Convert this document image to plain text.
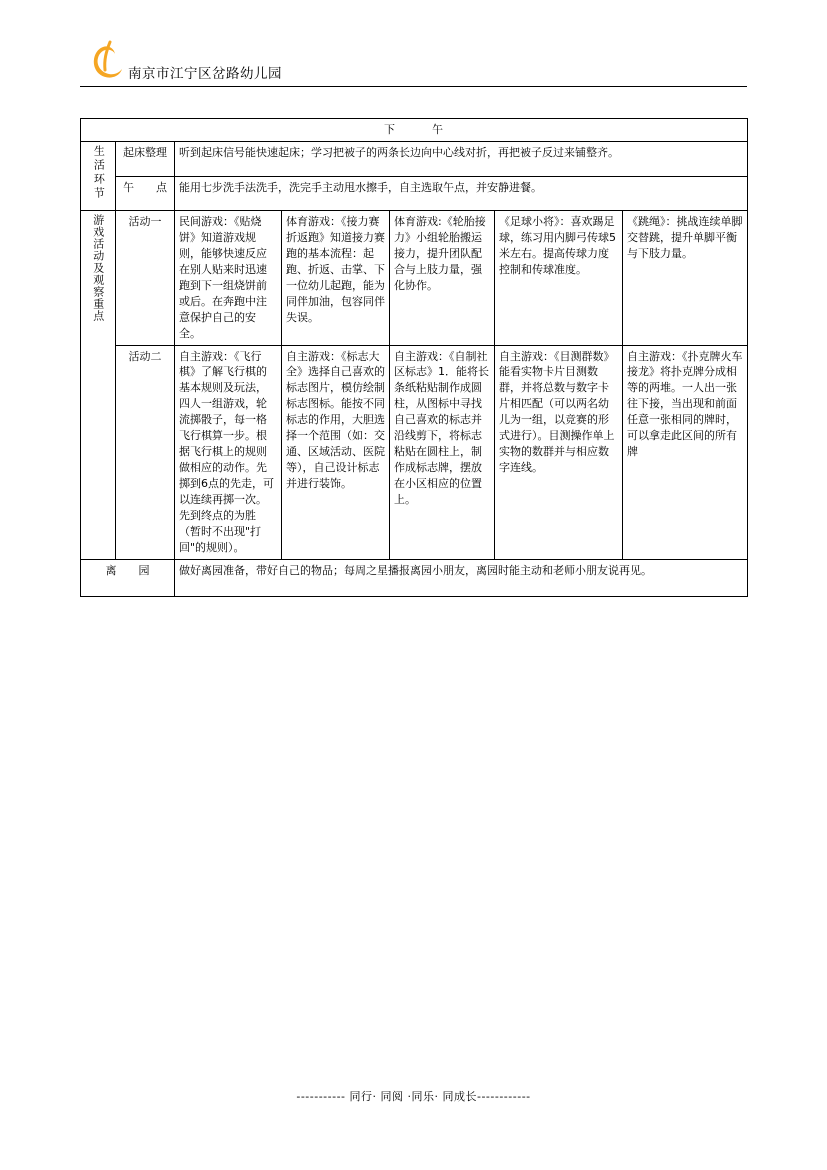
南京市江宁区岔路幼儿园
下　　　午						
生活环节	起床整理	听到起床信号能快速起床；学习把被子的两条长边向中心线对折，再把被子反过来铺整齐。				
	午　　点	能用七步洗手法洗手，洗完手主动甩水擦手，自主选取午点，并安静进餐。				
游戏活动及观察重点	活动一	民间游戏：《贴烧饼》知道游戏规则，能够快速反应在别人贴来时迅速跑到下一组烧饼前或后。在奔跑中注意保护自己的安全。	体育游戏：《接力赛折返跑》知道接力赛跑的基本流程：起跑、折返、击掌、下一位幼儿起跑，能为同伴加油，包容同伴失误。	体育游戏:《轮胎接力》小组轮胎搬运接力，提升团队配合与上肢力量，强化协作。	《足球小将》：喜欢踢足球，练习用内脚弓传球5米左右。提高传球力度控制和传球准度。	《跳绳》：挑战连续单脚交替跳，提升单脚平衡与下肢力量。
	活动二	自主游戏：《飞行棋》了解飞行棋的基本规则及玩法，四人一组游戏，轮流掷骰子，每一格飞行棋算一步。根据飞行棋上的规则做相应的动作。先掷到6点的先走，可以连续再掷一次。先到终点的为胜（暂时不出现"打回"的规则）。	自主游戏：《标志大全》选择自己喜欢的标志图片，模仿绘制标志图标。能按不同标志的作用，大胆选择一个范围（如：交通、区域活动、医院等），自己设计标志并进行装饰。	自主游戏：《自制社区标志》1．能将长条纸粘贴制作成圆柱，从图标中寻找自己喜欢的标志并沿线剪下，将标志粘贴在圆柱上，制作成标志牌，摆放在小区相应的位置上。	自主游戏：《目测群数》能看实物卡片目测数群，并将总数与数字卡片相匹配（可以两名幼儿为一组，以竞赛的形式进行）。目测操作单上实物的数群并与相应数字连线。	自主游戏：《扑克牌火车接龙》将扑克牌分成相等的两堆。一人出一张往下接，当出现和前面任意一张相同的牌时，可以拿走此区间的所有牌
离　　园		做好离园准备，带好自己的物品；每周之星播报离园小朋友，离园时能主动和老师小朋友说再见。				
----------- 同行· 同阅 ·同乐· 同成长------------
